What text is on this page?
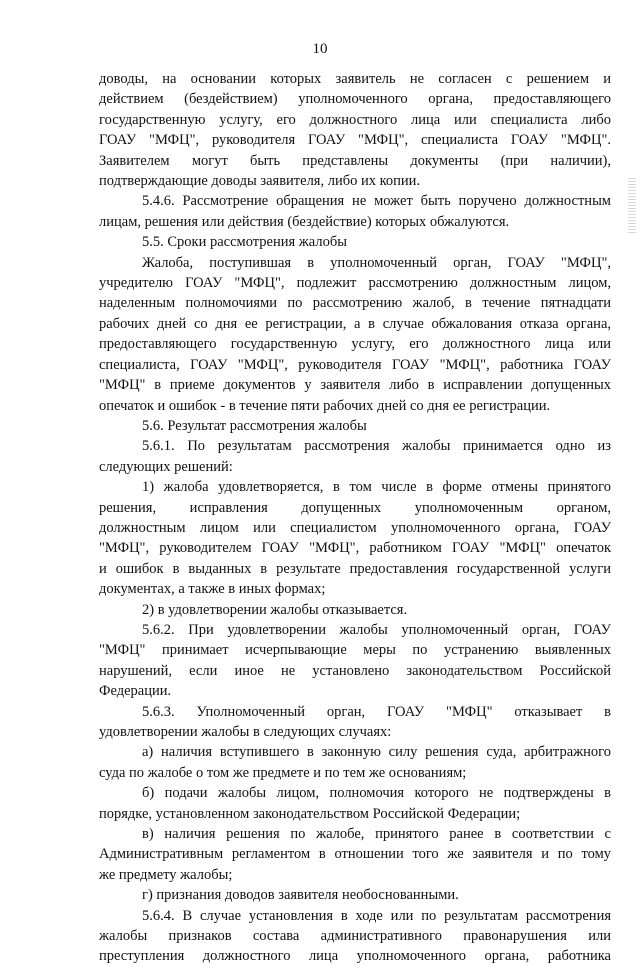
10

доводы, на основании которых заявитель не согласен с решением и

действием (бездействием) уполномоченного органа, предоставляющего

государственную услугу, его должностного лица или специалиста либо

ГОАУ "МФЦ", руководителя ГОАУ "МФЦ", специалиста ГОАУ "МФЦ".

Заявителем могут быть представлены документы (при наличии),

подтверждающие доводы заявителя, либо их копии.

5.4.6. Рассмотрение обращения не может быть поручено должностным

лицам, решения или действия (бездействие) которых обжалуются.

5.5. Сроки рассмотрения жалобы

Жалоба, поступившая в уполномоченный орган, ГОАУ "МФЦ",

учредителю ГОАУ "МФЦ", подлежит рассмотрению должностным лицом,

наделенным полномочиями по рассмотрению жалоб, в течение пятнадцати

рабочих дней со дня ее регистрации, а в случае обжалования отказа органа,

предоставляющего государственную услугу, его должностного лица или

специалиста, ГОАУ "МФЦ", руководителя ГОАУ "МФЦ", работника ГОАУ

"МФЦ" в приеме документов у заявителя либо в исправлении допущенных

опечаток и ошибок - в течение пяти рабочих дней со дня ее регистрации.

5.6. Результат рассмотрения жалобы

5.6.1. По результатам рассмотрения жалобы принимается одно из

следующих решений:

1) жалоба удовлетворяется, в том числе в форме отмены принятого

решения, исправления допущенных уполномоченным органом,

должностным лицом или специалистом уполномоченного органа, ГОАУ

"МФЦ", руководителем ГОАУ "МФЦ", работником ГОАУ "МФЦ" опечаток

и ошибок в выданных в результате предоставления государственной услуги

документах, а также в иных формах;

2) в удовлетворении жалобы отказывается.

5.6.2. При удовлетворении жалобы уполномоченный орган, ГОАУ

"МФЦ" принимает исчерпывающие меры по устранению выявленных

нарушений, если иное не установлено законодательством Российской

Федерации.

5.6.3. Уполномоченный орган, ГОАУ "МФЦ" отказывает в

удовлетворении жалобы в следующих случаях:

а) наличия вступившего в законную силу решения суда, арбитражного

суда по жалобе о том же предмете и по тем же основаниям;

б) подачи жалобы лицом, полномочия которого не подтверждены в

порядке, установленном законодательством Российской Федерации;

в) наличия решения по жалобе, принятого ранее в соответствии с

Административным регламентом в отношении того же заявителя и по тому

же предмету жалобы;

г) признания доводов заявителя необоснованными.

5.6.4. В случае установления в ходе или по результатам рассмотрения

жалобы признаков состава административного правонарушения или

преступления должностного лица уполномоченного органа, работника
